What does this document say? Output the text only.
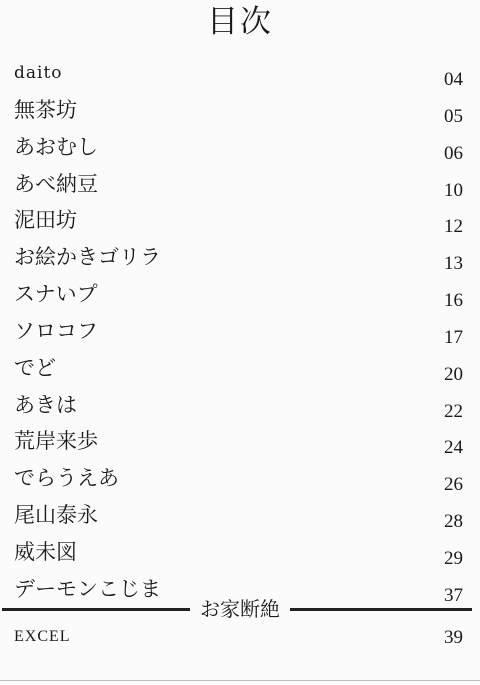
目次
daito	04
無茶坊	05
あおむし	06
あべ納豆	10
泥田坊	12
お絵かきゴリラ	13
スナいプ	16
ソロコフ	17
でど	20
あきは	22
荒岸来歩	24
でらうえあ	26
尾山泰永	28
威未図	29
デーモンこじま	37
お家断絶
EXCEL	39
